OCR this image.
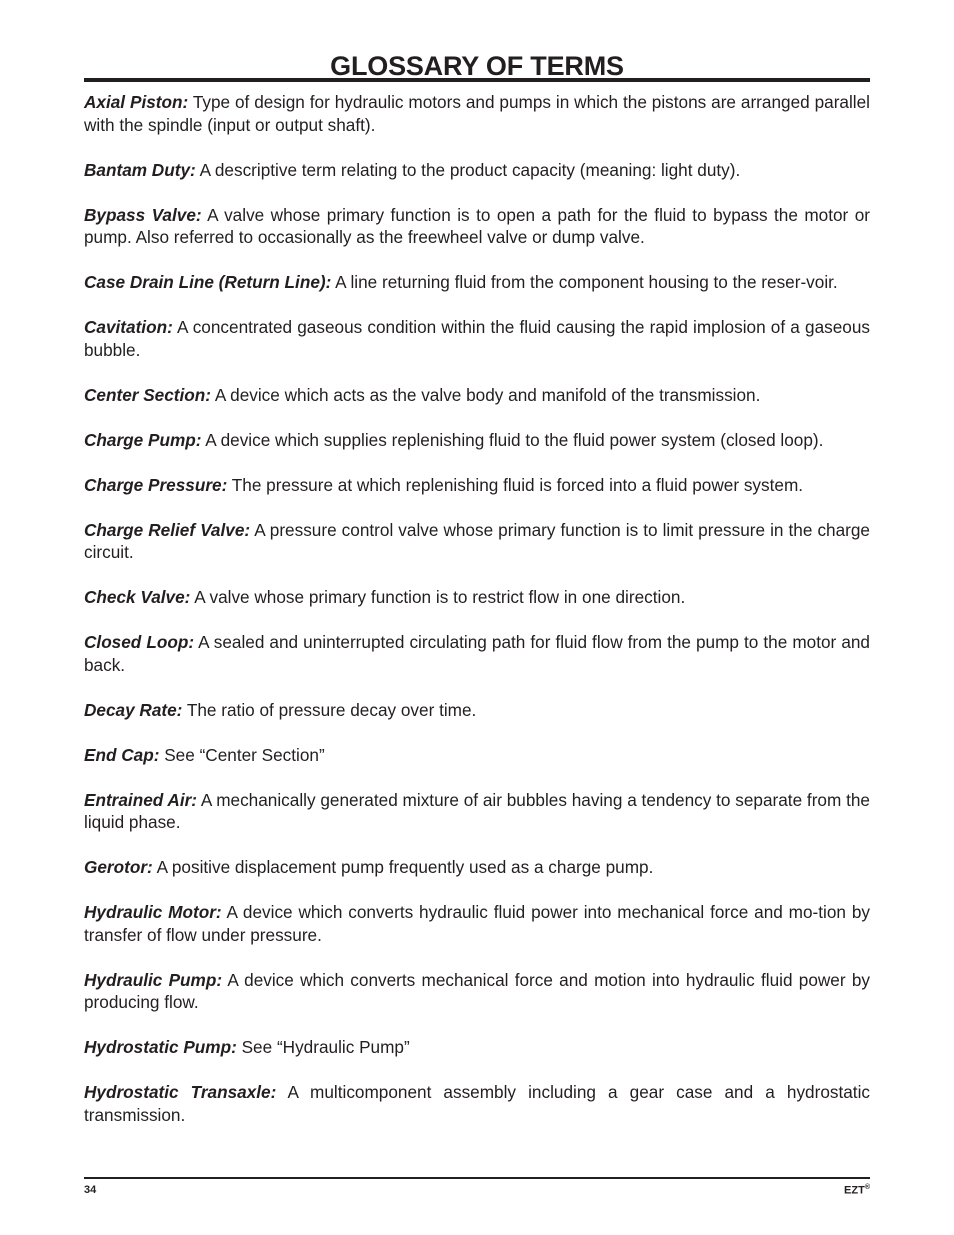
GLOSSARY OF TERMS

Axial Piston: Type of design for hydraulic motors and pumps in which the pistons are arranged parallel with the spindle (input or output shaft).

Bantam Duty: A descriptive term relating to the product capacity (meaning: light duty).

Bypass Valve: A valve whose primary function is to open a path for the fluid to bypass the motor or pump. Also referred to occasionally as the freewheel valve or dump valve.

Case Drain Line (Return Line): A line returning fluid from the component housing to the reser-voir.

Cavitation: A concentrated gaseous condition within the fluid causing the rapid implosion of a gaseous bubble.

Center Section: A device which acts as the valve body and manifold of the transmission.

Charge Pump: A device which supplies replenishing fluid to the fluid power system (closed loop).

Charge Pressure: The pressure at which replenishing fluid is forced into a fluid power system.

Charge Relief Valve: A pressure control valve whose primary function is to limit pressure in the charge circuit.

Check Valve: A valve whose primary function is to restrict flow in one direction.

Closed Loop: A sealed and uninterrupted circulating path for fluid flow from the pump to the motor and back.

Decay Rate: The ratio of pressure decay over time.

End Cap: See “Center Section”

Entrained Air: A mechanically generated mixture of air bubbles having a tendency to separate from the liquid phase.

Gerotor: A positive displacement pump frequently used as a charge pump.

Hydraulic Motor: A device which converts hydraulic fluid power into mechanical force and mo-tion by transfer of flow under pressure.

Hydraulic Pump: A device which converts mechanical force and motion into hydraulic fluid power by producing flow.

Hydrostatic Pump: See “Hydraulic Pump”

Hydrostatic Transaxle: A multicomponent assembly including a gear case and a hydrostatic transmission.

34	EZT®
